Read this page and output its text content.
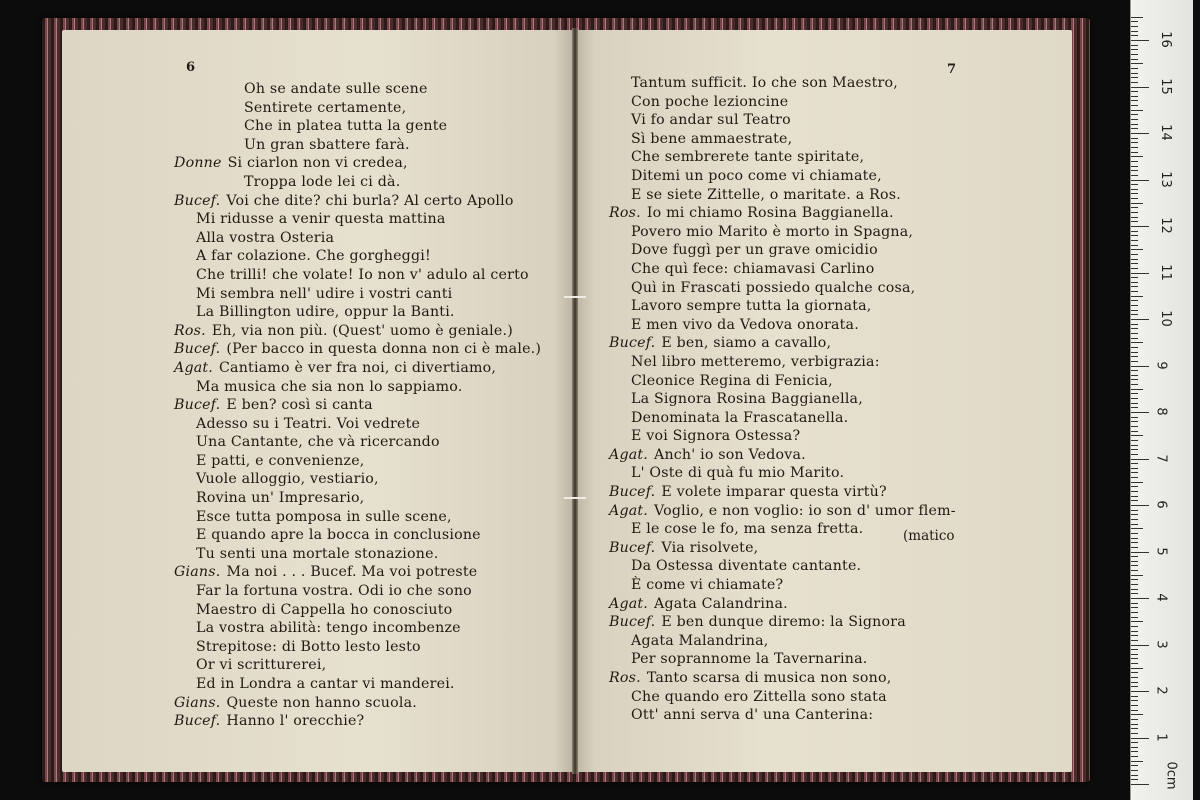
6
Oh se andate sulle scene
Sentirete certamente,
Che in platea tutta la gente
Un gran sbattere farà.
Donne Si ciarlon non vi credea,
Troppa lode lei ci dà.
Bucef. Voi che dite? chi burla? Al certo Apollo
Mi ridusse a venir questa mattina
Alla vostra Osteria
A far colazione. Che gorgheggi!
Che trilli! che volate! Io non v' adulo al certo
Mi sembra nell' udire i vostri canti
La Billington udire, oppur la Banti.
Ros. Eh, via non più. (Quest' uomo è geniale.)
Bucef. (Per bacco in questa donna non ci è male.)
Agat. Cantiamo è ver fra noi, ci divertiamo,
Ma musica che sia non lo sappiamo.
Bucef. E ben? così si canta
Adesso su i Teatri. Voi vedrete
Una Cantante, che và ricercando
E patti, e convenienze,
Vuole alloggio, vestiario,
Rovina un' Impresario,
Esce tutta pomposa in sulle scene,
E quando apre la bocca in conclusione
Tu senti una mortale stonazione.
Gians. Ma noi . . . Bucef. Ma voi potreste
Far la fortuna vostra. Odi io che sono
Maestro di Cappella ho conosciuto
La vostra abilità: tengo incombenze
Strepitose: di Botto lesto lesto
Or vi scritturerei,
Ed in Londra a cantar vi manderei.
Gians. Queste non hanno scuola.
Bucef. Hanno l' orecchie?
7
Tantum sufficit. Io che son Maestro,
Con poche lezioncine
Vi fo andar sul Teatro
Sì bene ammaestrate,
Che sembrerete tante spiritate,
Ditemi un poco come vi chiamate,
E se siete Zittelle, o maritate. a Ros.
Ros. Io mi chiamo Rosina Baggianella.
Povero mio Marito è morto in Spagna,
Dove fuggì per un grave omicidio
Che quì fece: chiamavasi Carlino
Quì in Frascati possiedo qualche cosa,
Lavoro sempre tutta la giornata,
E men vivo da Vedova onorata.
Bucef. E ben, siamo a cavallo,
Nel libro metteremo, verbigrazia:
Cleonice Regina di Fenicia,
La Signora Rosina Baggianella,
Denominata la Frascatanella.
E voi Signora Ostessa?
Agat. Anch' io son Vedova.
L' Oste di quà fu mio Marito.
Bucef. E volete imparar questa virtù?
Agat. Voglio, e non voglio: io son d' umor flem-
E le cose le fo, ma senza fretta.
Bucef. Via risolvete,
Da Ostessa diventate cantante.
È come vi chiamate?
Agat. Agata Calandrina.
Bucef. E ben dunque diremo: la Signora
Agata Malandrina,
Per soprannome la Tavernarina.
Ros. Tanto scarsa di musica non sono,
Che quando ero Zittella sono stata
Ott' anni serva d' una Canterina:
(matico
0cm
1
2
3
4
5
6
7
8
9
10
11
12
13
14
15
16
